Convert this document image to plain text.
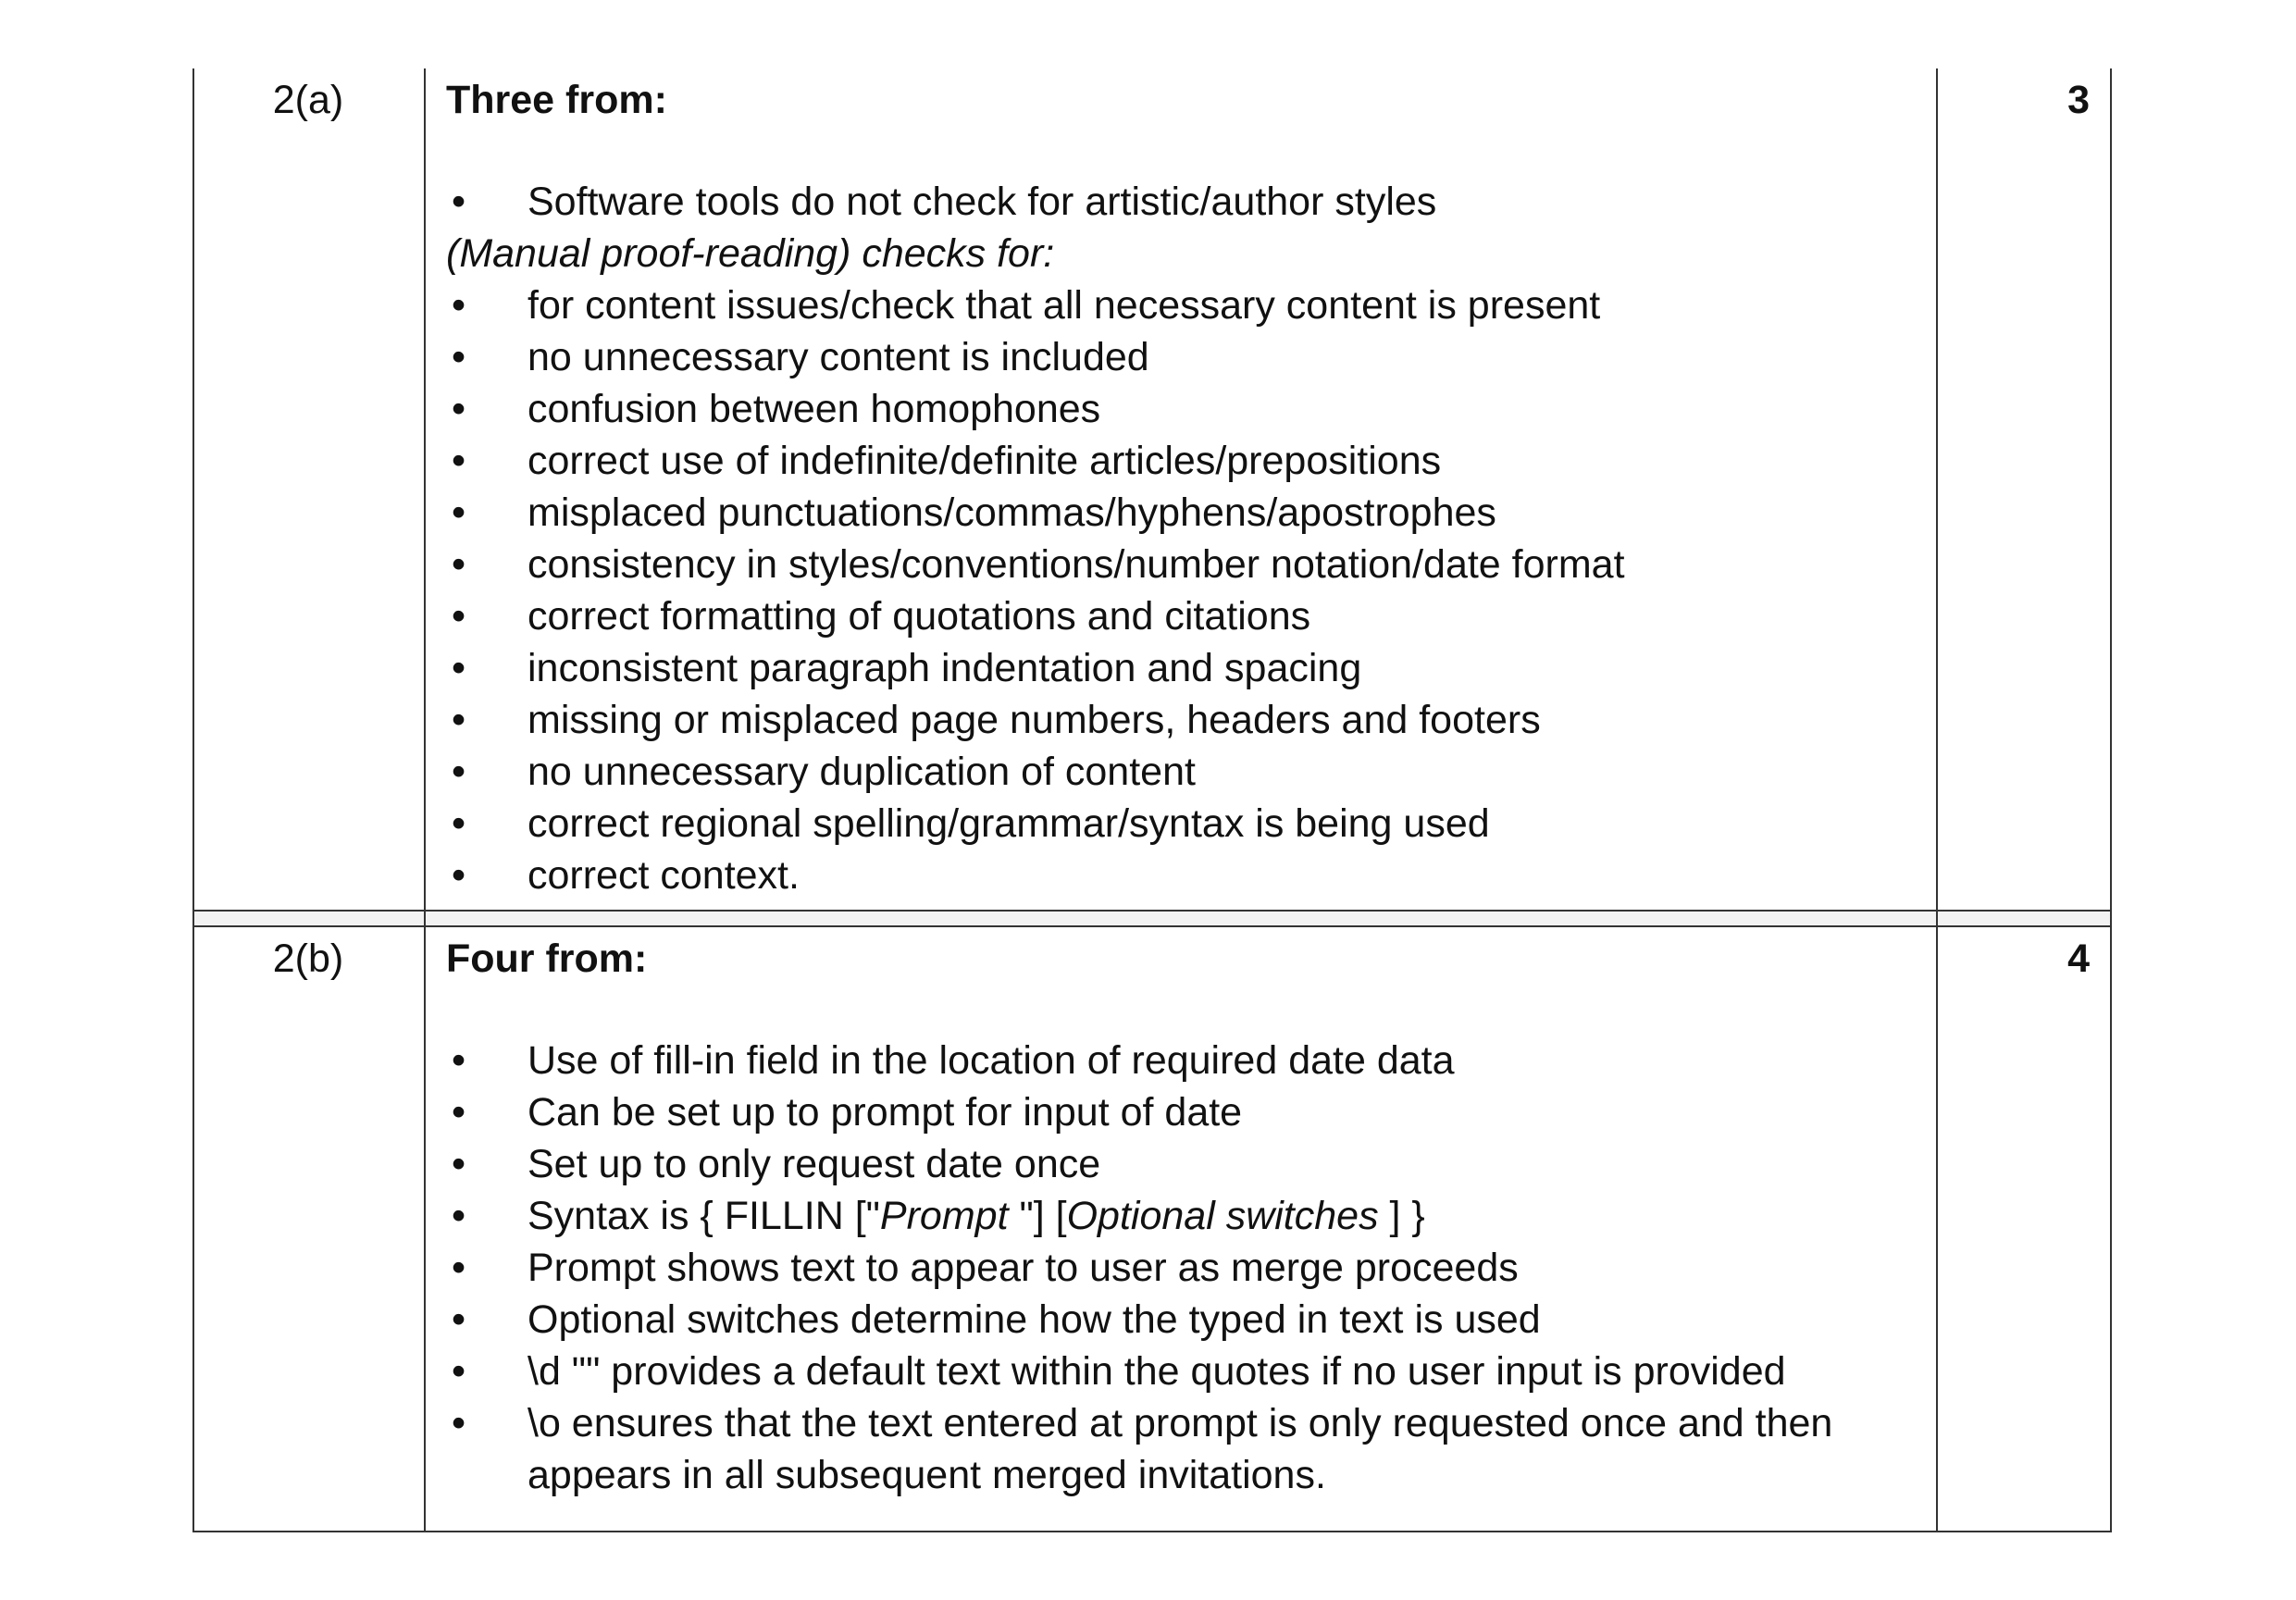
2(a)	Three from:

• Software tools do not check for artistic/author styles

(Manual proof-reading) checks for:

• for content issues/check that all necessary content is present
• no unnecessary content is included
• confusion between homophones
• correct use of indefinite/definite articles/prepositions
• misplaced punctuations/commas/hyphens/apostrophes
• consistency in styles/conventions/number notation/date format
• correct formatting of quotations and citations
• inconsistent paragraph indentation and spacing
• missing or misplaced page numbers, headers and footers
• no unnecessary duplication of content
• correct regional spelling/grammar/syntax is being used
• correct context.
3
2(b)	Four from:

• Use of fill-in field in the location of required date data
• Can be set up to prompt for input of date
• Set up to only request date once
• Syntax is { FILLIN ["Prompt "] [Optional switches ] }
• Prompt shows text to appear to user as merge proceeds
• Optional switches determine how the typed in text is used
• \d "" provides a default text within the quotes if no user input is provided
• \o ensures that the text entered at prompt is only requested once and then appears in all subsequent merged invitations.
4
